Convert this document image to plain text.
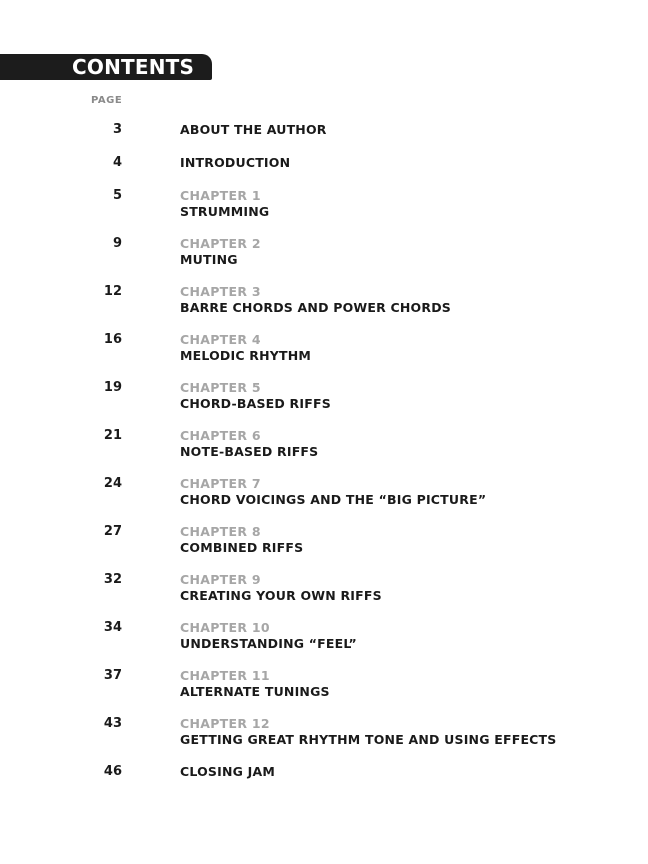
CONTENTS
PAGE
3	ABOUT THE AUTHOR
4	INTRODUCTION
5	CHAPTER 1
STRUMMING
9	CHAPTER 2
MUTING
12	CHAPTER 3
BARRE CHORDS AND POWER CHORDS
16	CHAPTER 4
MELODIC RHYTHM
19	CHAPTER 5
CHORD-BASED RIFFS
21	CHAPTER 6
NOTE-BASED RIFFS
24	CHAPTER 7
CHORD VOICINGS AND THE “BIG PICTURE”
27	CHAPTER 8
COMBINED RIFFS
32	CHAPTER 9
CREATING YOUR OWN RIFFS
34	CHAPTER 10
UNDERSTANDING “FEEL”
37	CHAPTER 11
ALTERNATE TUNINGS
43	CHAPTER 12
GETTING GREAT RHYTHM TONE AND USING EFFECTS
46	CLOSING JAM
